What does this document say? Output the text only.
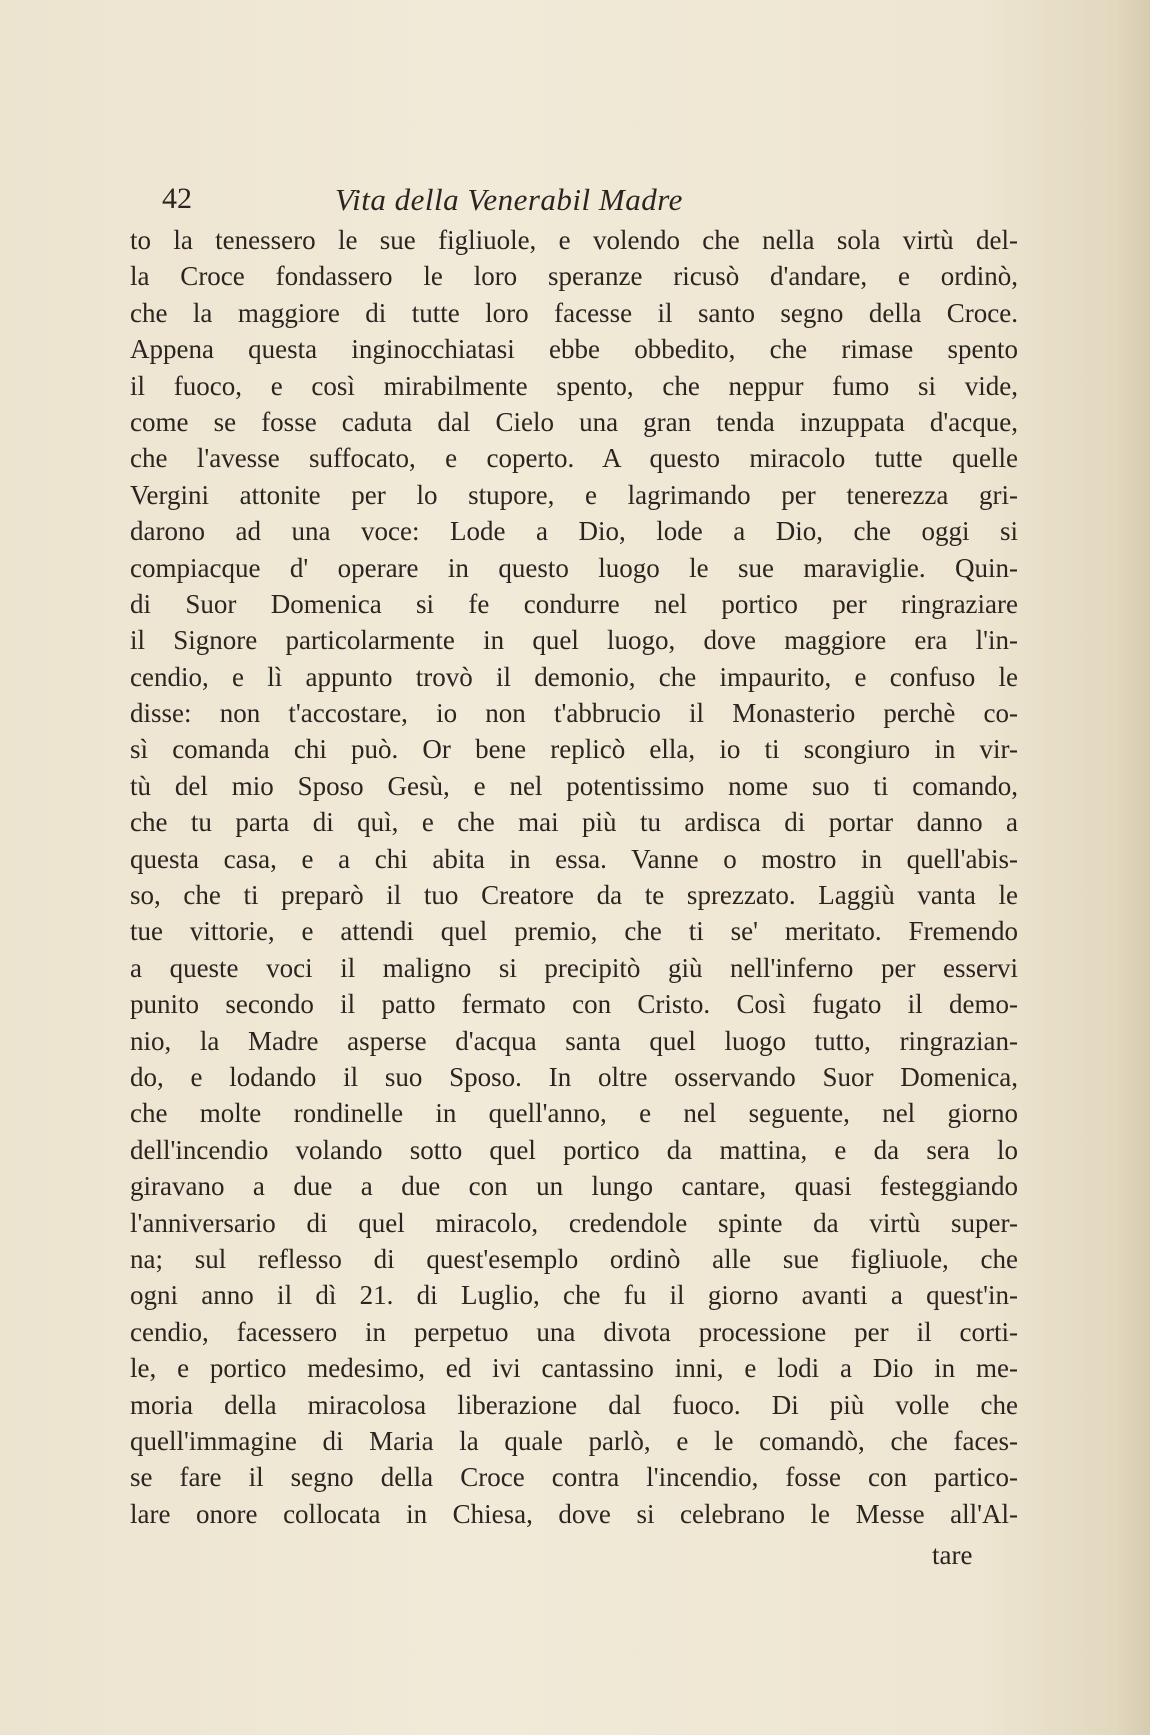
42	Vita della Venerabil Madre
to la tenessero le sue figliuole, e volendo che nella sola virtù del-
la Croce fondassero le loro speranze ricusò d'andare, e ordinò,
che la maggiore di tutte loro facesse il santo segno della Croce.
Appena questa inginocchiatasi ebbe obbedito, che rimase spento
il fuoco, e così mirabilmente spento, che neppur fumo si vide,
come se fosse caduta dal Cielo una gran tenda inzuppata d'acque,
che l'avesse suffocato, e coperto. A questo miracolo tutte quelle
Vergini attonite per lo stupore, e lagrimando per tenerezza gri-
darono ad una voce: Lode a Dio, lode a Dio, che oggi si
compiacque d' operare in questo luogo le sue maraviglie. Quin-
di Suor Domenica si fe condurre nel portico per ringraziare
il Signore particolarmente in quel luogo, dove maggiore era l'in-
cendio, e lì appunto trovò il demonio, che impaurito, e confuso le
disse: non t'accostare, io non t'abbrucio il Monasterio perchè co-
sì comanda chi può. Or bene replicò ella, io ti scongiuro in vir-
tù del mio Sposo Gesù, e nel potentissimo nome suo ti comando,
che tu parta di quì, e che mai più tu ardisca di portar danno a
questa casa, e a chi abita in essa. Vanne o mostro in quell'abis-
so, che ti preparò il tuo Creatore da te sprezzato. Laggiù vanta le
tue vittorie, e attendi quel premio, che ti se' meritato. Fremendo
a queste voci il maligno si precipitò giù nell'inferno per esservi
punito secondo il patto fermato con Cristo. Così fugato il demo-
nio, la Madre asperse d'acqua santa quel luogo tutto, ringrazian-
do, e lodando il suo Sposo. In oltre osservando Suor Domenica,
che molte rondinelle in quell'anno, e nel seguente, nel giorno
dell'incendio volando sotto quel portico da mattina, e da sera lo
giravano a due a due con un lungo cantare, quasi festeggiando
l'anniversario di quel miracolo, credendole spinte da virtù super-
na; sul reflesso di quest'esemplo ordinò alle sue figliuole, che
ogni anno il dì 21. di Luglio, che fu il giorno avanti a quest'in-
cendio, facessero in perpetuo una divota processione per il corti-
le, e portico medesimo, ed ivi cantassino inni, e lodi a Dio in me-
moria della miracolosa liberazione dal fuoco. Di più volle che
quell'immagine di Maria la quale parlò, e le comandò, che faces-
se fare il segno della Croce contra l'incendio, fosse con partico-
lare onore collocata in Chiesa, dove si celebrano le Messe all'Al-
tare
